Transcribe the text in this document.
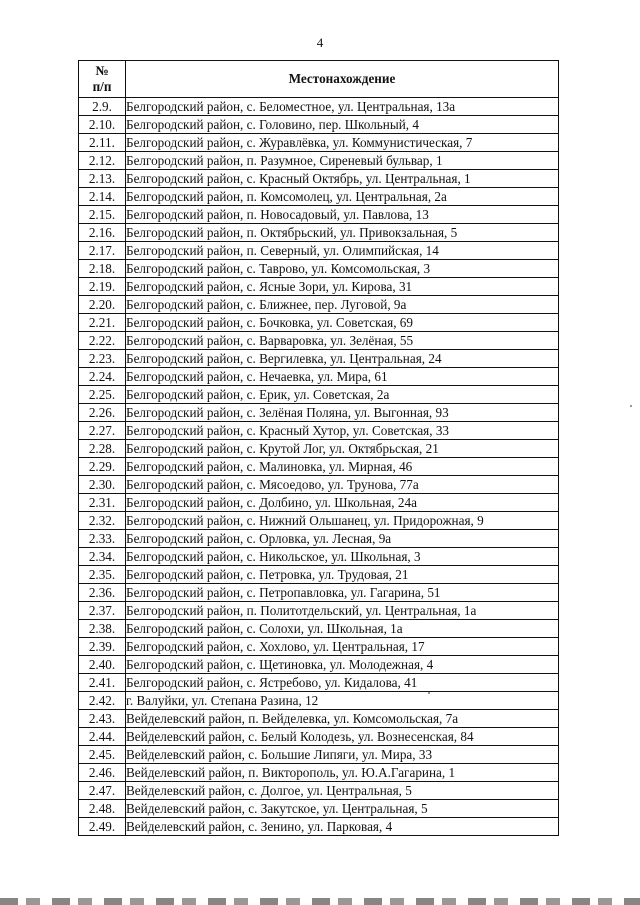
4
№
п/п	Местонахождение
2.9.	Белгородский район, с. Беломестное, ул. Центральная, 13а
2.10.	Белгородский район, с. Головино, пер. Школьный, 4
2.11.	Белгородский район, с. Журавлёвка, ул. Коммунистическая, 7
2.12.	Белгородский район, п. Разумное, Сиреневый бульвар, 1
2.13.	Белгородский район, с. Красный Октябрь, ул. Центральная, 1
2.14.	Белгородский район, п. Комсомолец, ул. Центральная, 2а
2.15.	Белгородский район, п. Новосадовый, ул. Павлова, 13
2.16.	Белгородский район, п. Октябрьский, ул. Привокзальная, 5
2.17.	Белгородский район, п. Северный, ул. Олимпийская, 14
2.18.	Белгородский район, с. Таврово, ул. Комсомольская, 3
2.19.	Белгородский район, с. Ясные Зори, ул. Кирова, 31
2.20.	Белгородский район, с. Ближнее, пер. Луговой, 9а
2.21.	Белгородский район, с. Бочковка, ул. Советская, 69
2.22.	Белгородский район, с. Варваровка, ул. Зелёная, 55
2.23.	Белгородский район, с. Вергилевка, ул. Центральная, 24
2.24.	Белгородский район, с. Нечаевка, ул. Мира, 61
2.25.	Белгородский район, с. Ерик, ул. Советская, 2а
2.26.	Белгородский район, с. Зелёная Поляна, ул. Выгонная, 93
2.27.	Белгородский район, с. Красный Хутор, ул. Советская, 33
2.28.	Белгородский район, с. Крутой Лог, ул. Октябрьская, 21
2.29.	Белгородский район, с. Малиновка, ул. Мирная, 46
2.30.	Белгородский район, с. Мясоедово, ул. Трунова, 77а
2.31.	Белгородский район, с. Долбино, ул. Школьная, 24а
2.32.	Белгородский район, с. Нижний Ольшанец, ул. Придорожная, 9
2.33.	Белгородский район, с. Орловка, ул. Лесная, 9а
2.34.	Белгородский район, с. Никольское, ул. Школьная, 3
2.35.	Белгородский район, с. Петровка, ул. Трудовая, 21
2.36.	Белгородский район, с. Петропавловка, ул. Гагарина, 51
2.37.	Белгородский район, п. Политотдельский, ул. Центральная, 1а
2.38.	Белгородский район, с. Солохи, ул. Школьная, 1а
2.39.	Белгородский район, с. Хохлово, ул. Центральная, 17
2.40.	Белгородский район, с. Щетиновка, ул. Молодежная, 4
2.41.	Белгородский район, с. Ястребово, ул. Кидалова, 41
2.42.	г. Валуйки, ул. Степана Разина, 12
2.43.	Вейделевский район, п. Вейделевка, ул. Комсомольская, 7а
2.44.	Вейделевский район, с. Белый Колодезь, ул. Вознесенская, 84
2.45.	Вейделевский район, с. Большие Липяги, ул. Мира, 33
2.46.	Вейделевский район, п. Викторополь, ул. Ю.А.Гагарина, 1
2.47.	Вейделевский район, с. Долгое, ул. Центральная, 5
2.48.	Вейделевский район, с. Закутское, ул. Центральная, 5
2.49.	Вейделевский район, с. Зенино, ул. Парковая, 4
